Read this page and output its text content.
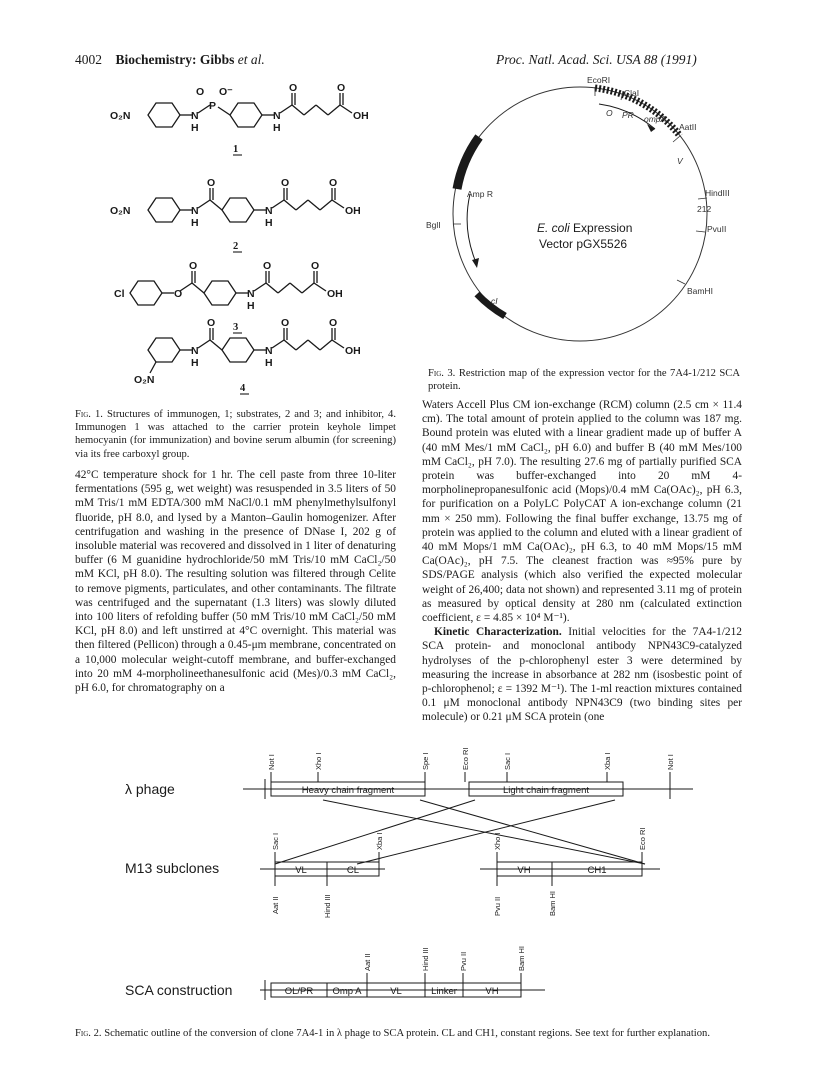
4002 Biochemistry: Gibbs et al.	Proc. Natl. Acad. Sci. USA 88 (1991)
O₂N	N
H
P
O O⁻
N
H
O	O
OH
1
O₂N	N
H
O
N
H
O	O
OH
2
Cl	O
O
N
H
O	O
OH
3
N
H
O
N
H
O	O
OH
O₂N
4
Fig. 1. Structures of immunogen, 1; substrates, 2 and 3; and inhibitor, 4. Immunogen 1 was attached to the carrier protein keyhole limpet hemocyanin (for immunization) and bovine serum albumin (for screening) via its free carboxyl group.

42°C temperature shock for 1 hr. The cell paste from three 10-liter fermentations (595 g, wet weight) was resuspended in 3.5 liters of 50 mM Tris/1 mM EDTA/300 mM NaCl/0.1 mM phenylmethylsulfonyl fluoride, pH 8.0, and lysed by a Manton–Gaulin homogenizer. After centrifugation and washing in the presence of DNase I, 202 g of insoluble material was recovered and dissolved in 1 liter of denaturing buffer (6 M guanidine hydrochloride/50 mM Tris/10 mM CaCl₂/50 mM KCl, pH 8.0). The resulting solution was filtered through Celite to remove pigments, particulates, and other contaminants. The filtrate was centrifuged and the supernatant (1.3 liters) was slowly diluted into 100 liters of refolding buffer (50 mM Tris/10 mM CaCl₂/50 mM KCl, pH 8.0) and left unstirred at 4°C overnight. This material was then filtered (Pellicon) through a 0.45-μm membrane, concentrated on a 10,000 molecular weight-cutoff membrane, and buffer-exchanged into 20 mM 4-morpholineethanesulfonic acid (Mes)/0.3 mM CaCl₂, pH 6.0, for chromatography on a

EcoRI
ClaI
AatII
O PR ompA
V
HindIII
212
PvuII
BamHI
BglI
Amp R
cI
E. coli Expression
Vector pGX5526
Fig. 3. Restriction map of the expression vector for the 7A4-1/212 SCA protein.

Waters Accell Plus CM ion-exchange (RCM) column (2.5 cm × 11.4 cm). The total amount of protein applied to the column was 187 mg. Bound protein was eluted with a linear gradient made up of buffer A (40 mM Mes/1 mM CaCl₂, pH 6.0) and buffer B (40 mM Mes/100 mM CaCl₂, pH 7.0). The resulting 27.6 mg of partially purified SCA protein was buffer-exchanged into 20 mM 4-morpholinepropanesulfonic acid (Mops)/0.4 mM Ca(OAc)₂, pH 6.3, for purification on a PolyLC PolyCAT A ion-exchange column (21 mm × 250 mm). Following the final buffer exchange, 13.75 mg of protein was applied to the column and eluted with a linear gradient of 40 mM Mops/1 mM Ca(OAc)₂, pH 6.3, to 40 mM Mops/15 mM Ca(OAc)₂, pH 7.5. The cleanest fraction was ≈95% pure by SDS/PAGE analysis (which also verified the expected molecular weight of 26,400; data not shown) and represented 3.11 mg of protein as measured by optical density at 280 nm (calculated extinction coefficient, ε = 4.85 × 10⁴ M⁻¹).

Kinetic Characterization. Initial velocities for the 7A4-1/212 SCA protein- and monoclonal antibody NPN43C9-catalyzed hydrolyses of the p-chlorophenyl ester 3 were determined by measuring the increase in absorbance at 282 nm (isosbestic point of p-chlorophenol; ε = 1392 M⁻¹). The 1-ml reaction mixtures contained 0.1 μM monoclonal antibody NPN43C9 (two binding sites per molecule) or 0.21 μM SCA protein (one

λ phage
M13 subclones
SCA construction
Not I	Xho I	Spe I	Eco RI	Sac I	Xba I	Not I
Sac I	Xba I	Xho I	Eco RI
Aat II	Hind III	Pvu II	Bam HI
Aat II	Hind III	Pvu II	Bam HI
Heavy chain fragment	Light chain fragment
VL	CL	VH	CH1
OL/PR Omp A	VL	Linker	VH
Fig. 2. Schematic outline of the conversion of clone 7A4-1 in λ phage to SCA protein. CL and CH1, constant regions. See text for further explanation.
